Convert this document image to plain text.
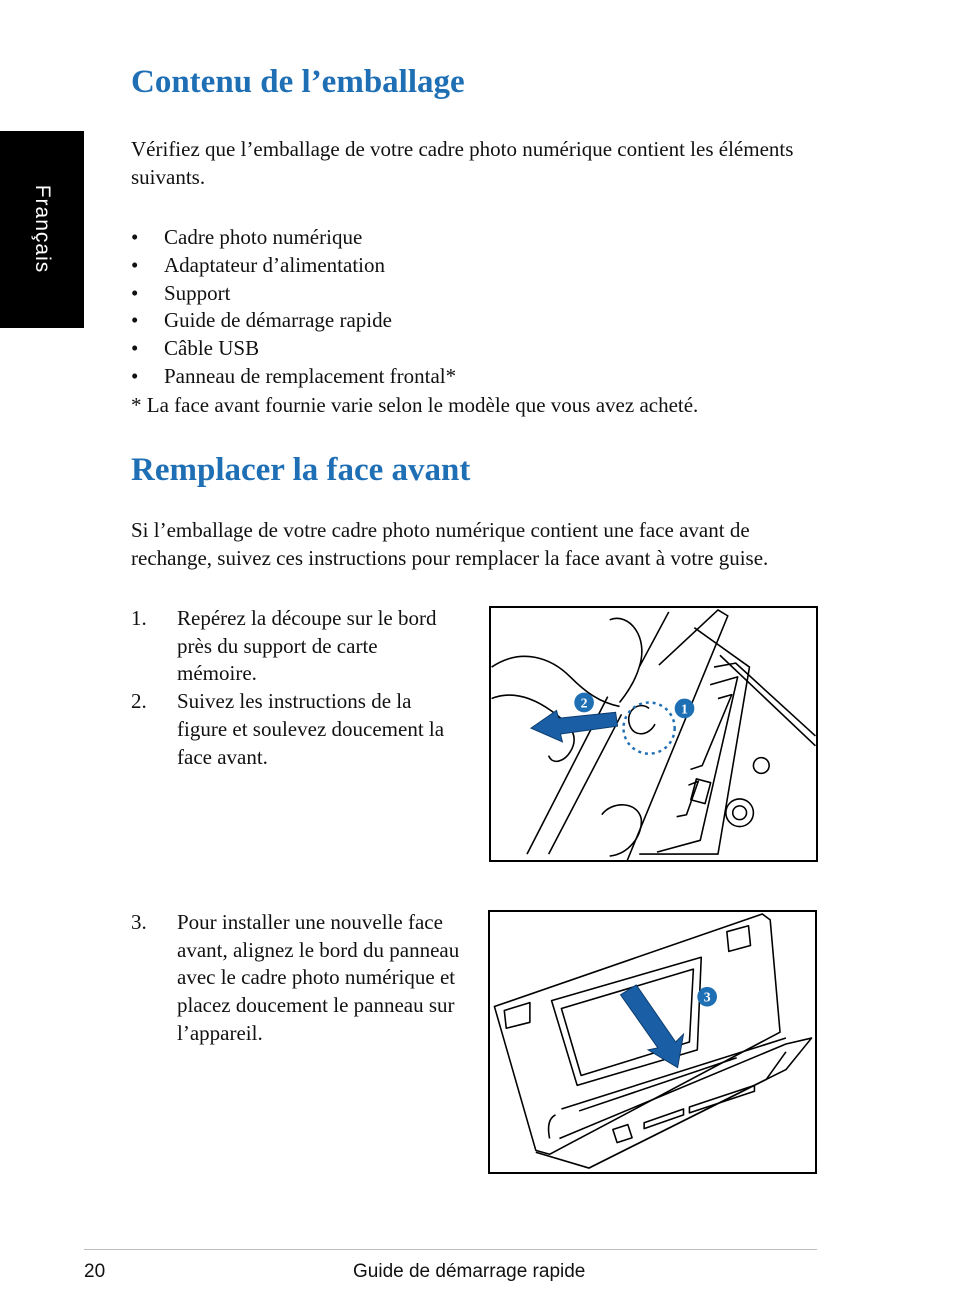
Français
Contenu de l’emballage

Vérifiez que l’emballage de votre cadre photo numérique contient les éléments suivants.

•	Cadre photo numérique
•	Adaptateur d’alimentation
•	Support
•	Guide de démarrage rapide
•	Câble USB
•	Panneau de remplacement frontal*
* La face avant fournie varie selon le modèle que vous avez acheté.
Remplacer la face avant

Si l’emballage de votre cadre photo numérique contient une face avant de rechange, suivez ces instructions pour remplacer la face avant à votre guise.

1.	Repérez la découpe sur le bord près du support de carte mémoire.
2.	Suivez les instructions de la figure et soulevez doucement la face avant.
3.	Pour installer une nouvelle face avant, alignez le bord du panneau avec le cadre photo numérique et placez doucement le panneau sur l’appareil.
2	1
3
20	Guide de démarrage rapide
